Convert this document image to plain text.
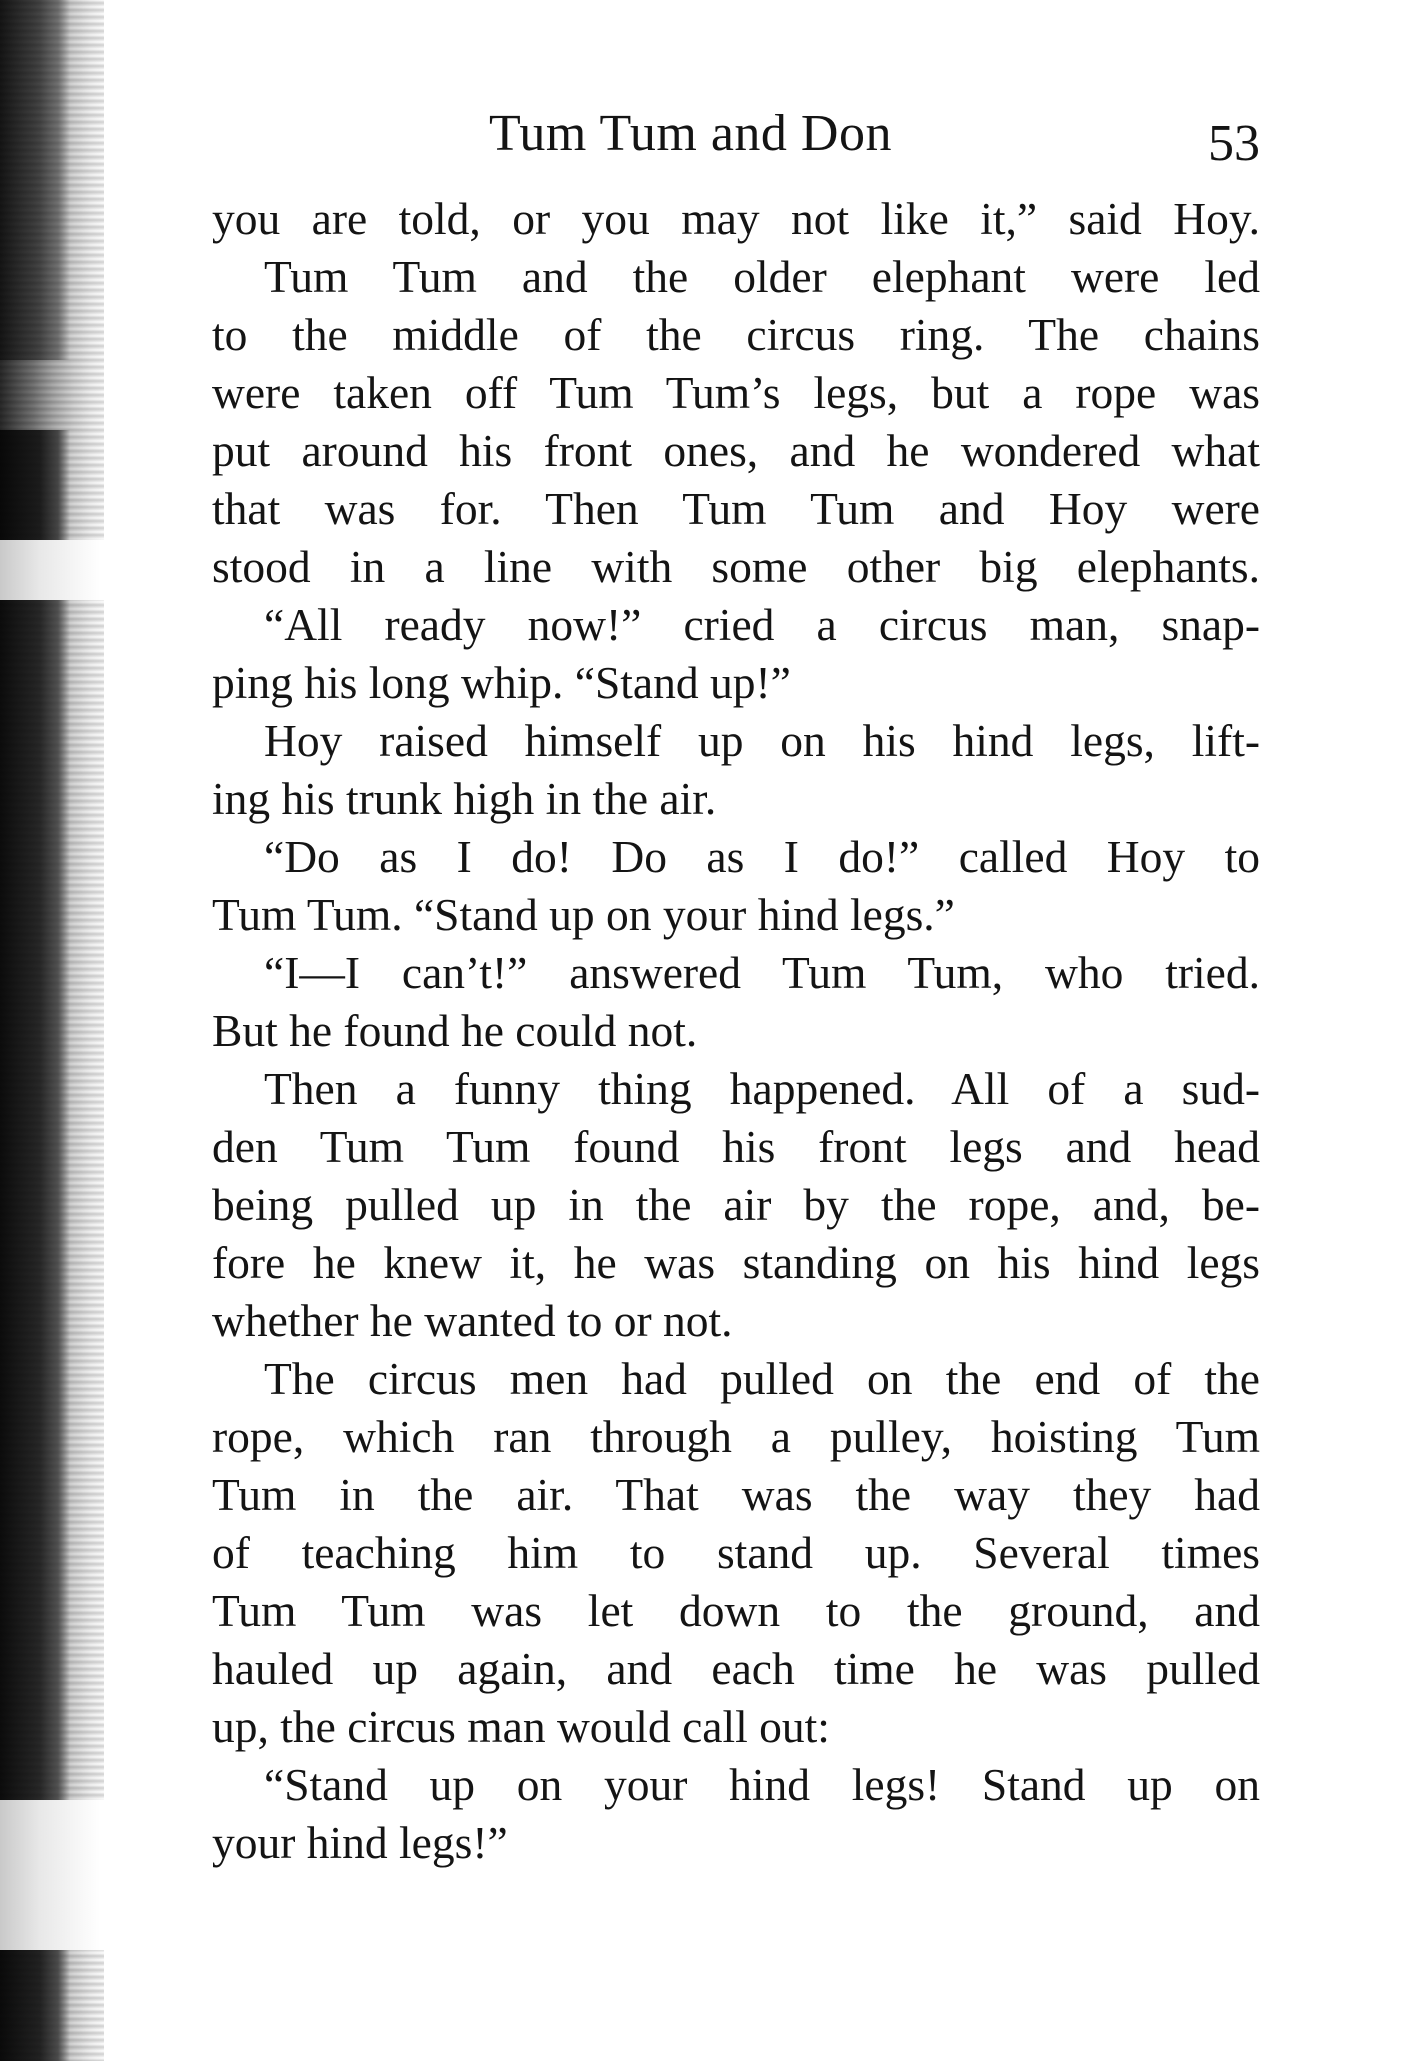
Tum Tum and Don	53
you are told, or you may not like it,” said Hoy.
Tum Tum and the older elephant were led
to the middle of the circus ring. The chains
were taken off Tum Tum’s legs, but a rope was
put around his front ones, and he wondered what
that was for. Then Tum Tum and Hoy were
stood in a line with some other big elephants.
“All ready now!” cried a circus man, snap-
ping his long whip. “Stand up!”
Hoy raised himself up on his hind legs, lift-
ing his trunk high in the air.
“Do as I do! Do as I do!” called Hoy to
Tum Tum. “Stand up on your hind legs.”
“I—I can’t!” answered Tum Tum, who tried.
But he found he could not.
Then a funny thing happened. All of a sud-
den Tum Tum found his front legs and head
being pulled up in the air by the rope, and, be-
fore he knew it, he was standing on his hind legs
whether he wanted to or not.
The circus men had pulled on the end of the
rope, which ran through a pulley, hoisting Tum
Tum in the air. That was the way they had
of teaching him to stand up. Several times
Tum Tum was let down to the ground, and
hauled up again, and each time he was pulled
up, the circus man would call out:
“Stand up on your hind legs! Stand up on
your hind legs!”
